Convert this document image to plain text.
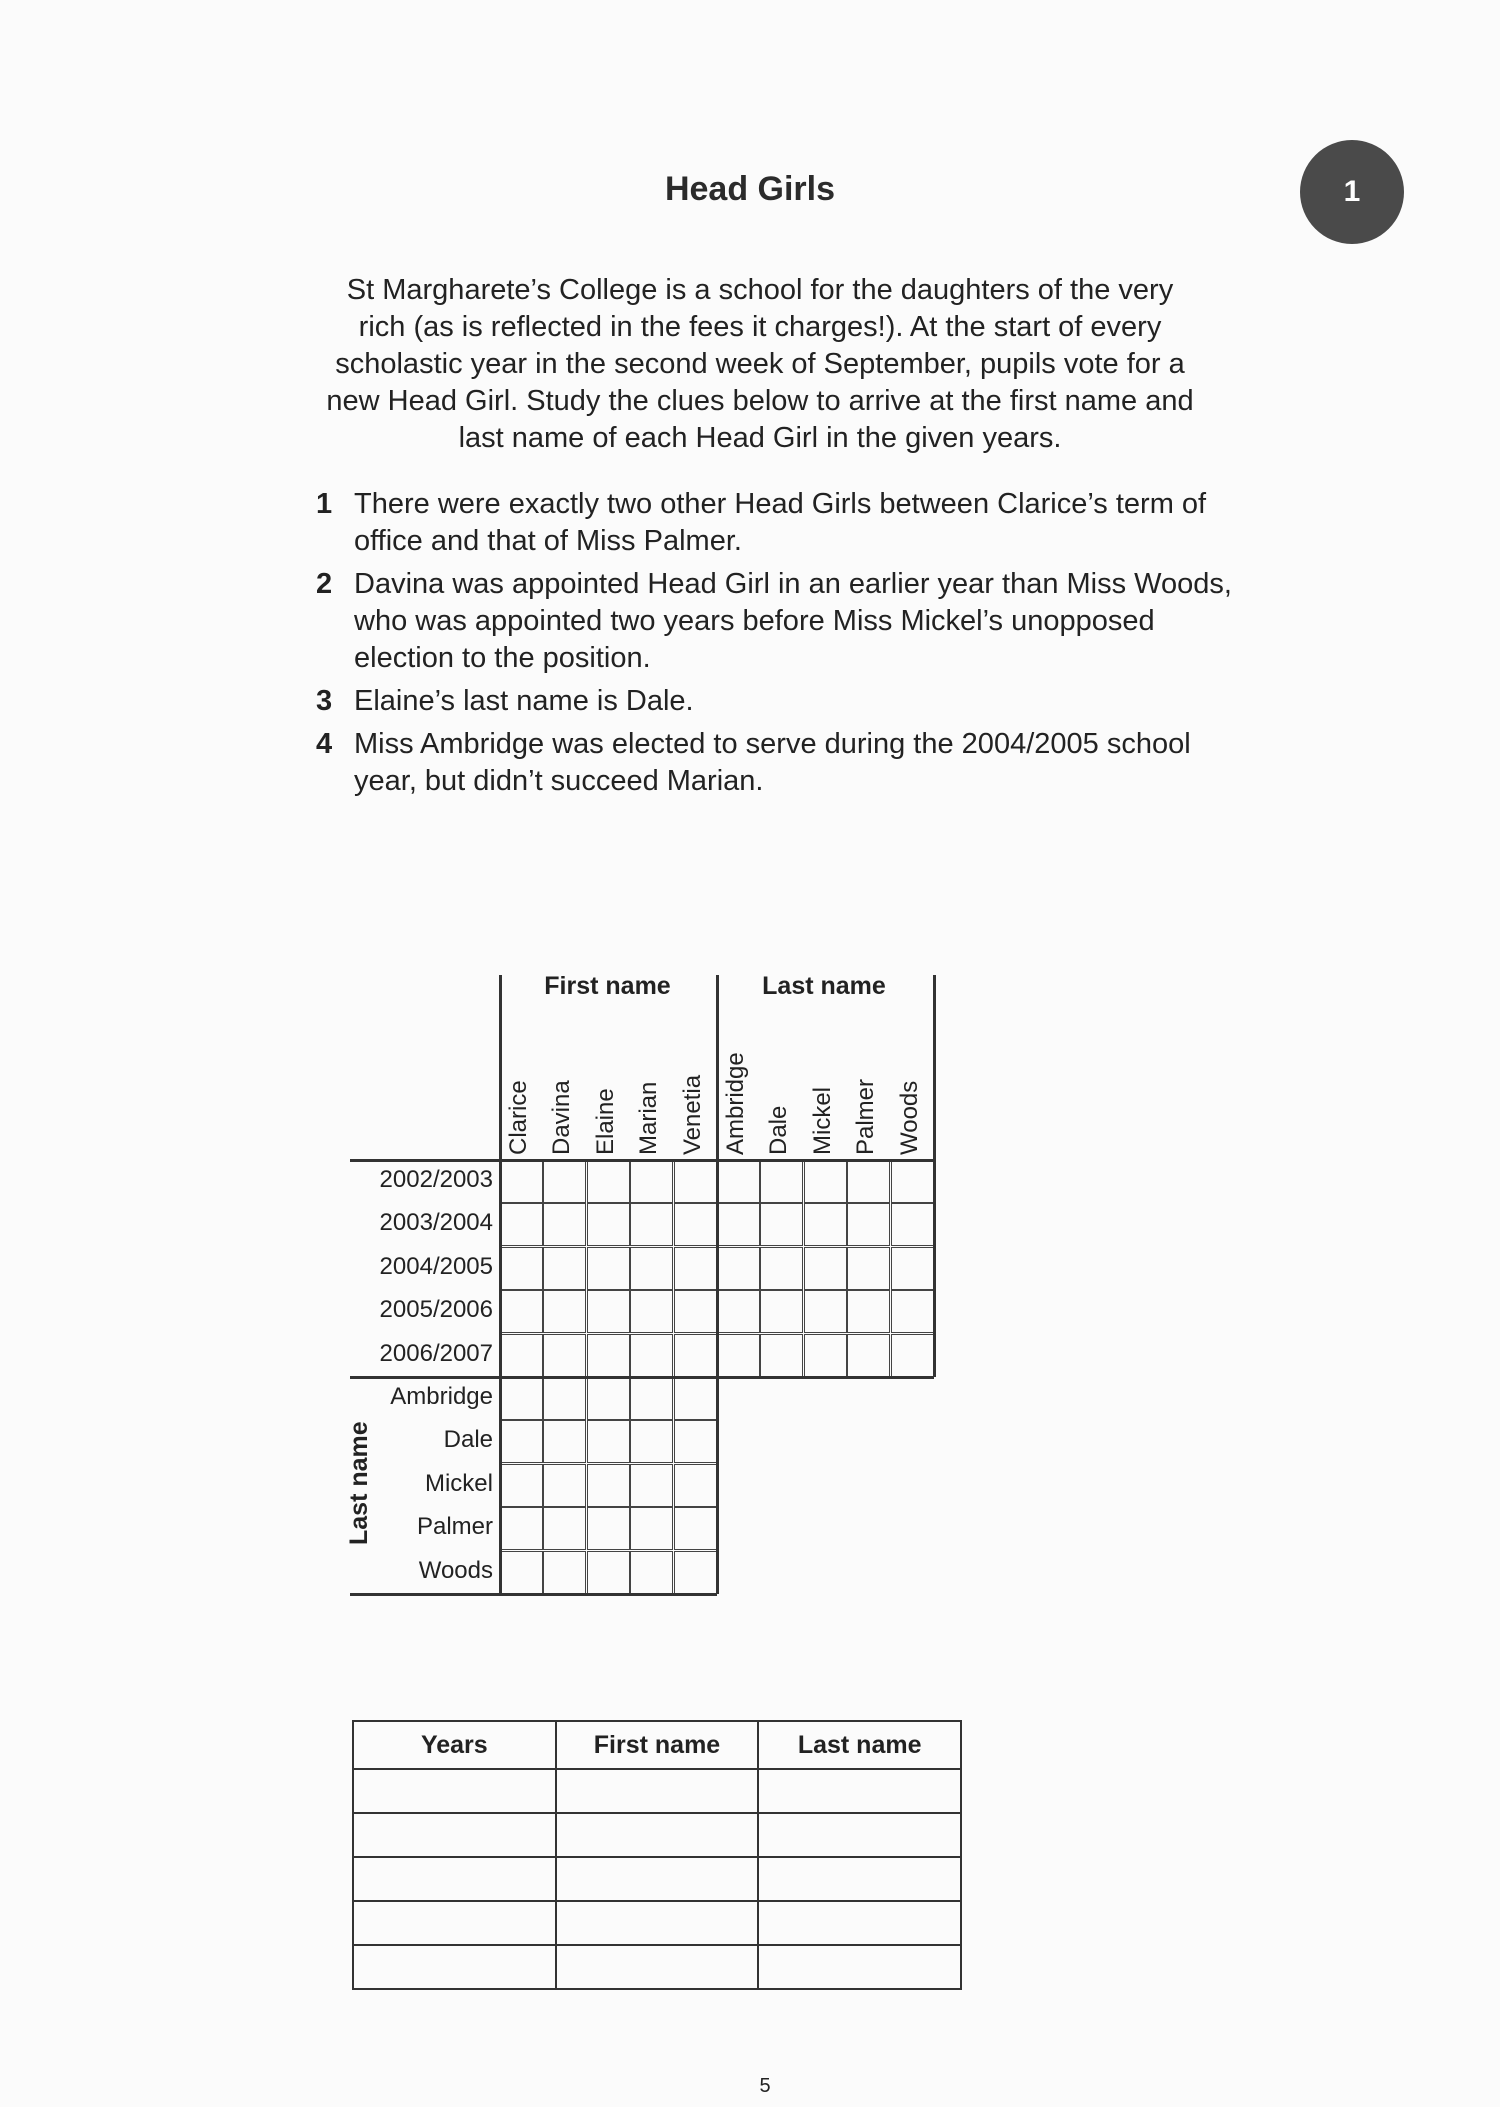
Head Girls	1
St Margharete’s College is a school for the daughters of the very rich (as is reflected in the fees it charges!). At the start of every scholastic year in the second week of September, pupils vote for a new Head Girl. Study the clues below to arrive at the first name and last name of each Head Girl in the given years.
1 There were exactly two other Head Girls between Clarice’s term of office and that of Miss Palmer.
2 Davina was appointed Head Girl in an earlier year than Miss Woods, who was appointed two years before Miss Mickel’s unopposed election to the position.
3 Elaine’s last name is Dale.
4 Miss Ambridge was elected to serve during the 2004/2005 school year, but didn’t succeed Marian.
First name	Last name
Last name
Clarice Davina Elaine Marian Venetia Ambridge Dale Mickel Palmer Woods
2002/2003
2003/2004
2004/2005
2005/2006
2006/2007
Ambridge
Dale
Mickel
Palmer
Woods
Years	First name	Last name

5
